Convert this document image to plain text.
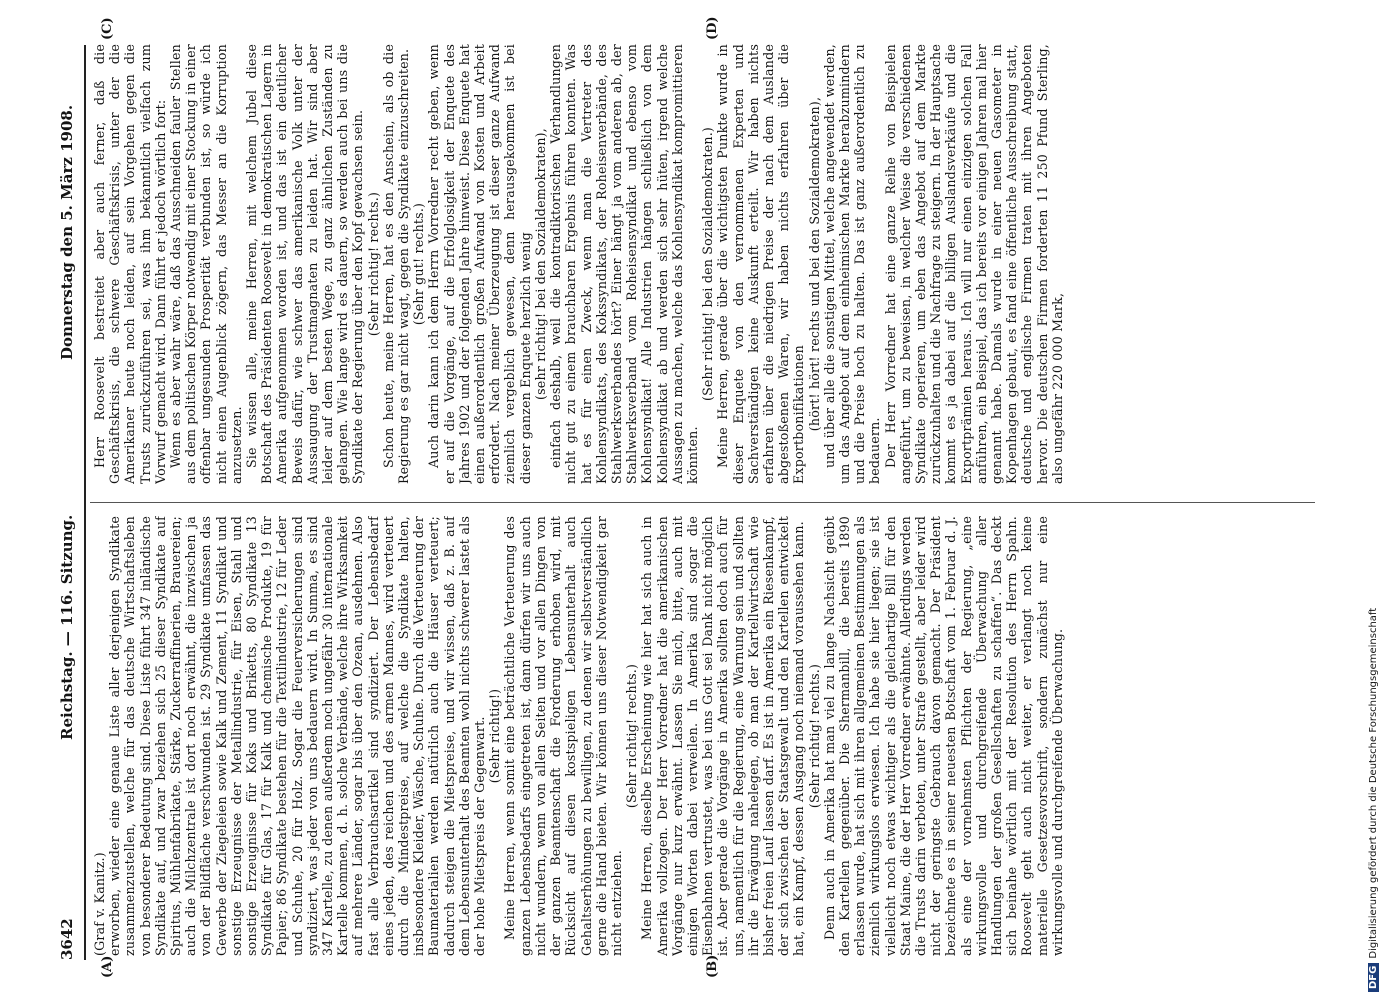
3642
Reichstag. — 116. Sitzung.
Donnerstag den 5. März 1908.
(A)	(B)
(C)	(D)

(Graf v. Kanitz.) erworben, wieder eine genaue Liste aller derjenigen Syndikate zusammenzustellen, welche für das deutsche Wirtschaftsleben von besonderer Bedeutung sind. Diese Liste führt 347 inländische Syndikate auf, und zwar beziehen sich 25 dieser Syndikate auf Spiritus, Mühlenfabrikate, Stärke, Zuckerraffinerien, Brauereien; auch die Milchzentrale ist dort noch erwähnt, die inzwischen ja von der Bildfläche verschwunden ist. 29 Syndikate umfassen das Gewerbe der Ziegeleien sowie Kalk und Zement, 11 Syndikat und sonstige Erzeugnisse der Metallindustrie, für Eisen, Stahl und sonstige Erzeugnisse für Koks und Briketts, 80 Syndikate 13 Syndikate für Glas, 17 für Kalk und chemische Produkte, 19 für Papier; 86 Syndikate bestehen für die Textilindustrie, 12 für Leder und Schuhe, 20 für Holz. Sogar die Feuerversicherungen sind syndiziert, was jeder von uns bedauern wird. In Summa, es sind 347 Kartelle, zu denen außerdem noch ungefähr 30 internationale Kartelle kommen, d. h. solche Verbände, welche ihre Wirksamkeit auf mehrere Länder, sogar bis über den Ozean, ausdehnen. Also fast alle Verbrauchsartikel sind syndiziert. Der Lebensbedarf eines jeden, des reichen und des armen Mannes, wird verteuert durch die Mindestpreise, auf welche die Syndikate halten, insbesondere Kleider, Wäsche, Schuhe. Durch die Verteuerung der Baumaterialien werden natürlich auch die Häuser verteuert; dadurch steigen die Mietspreise, und wir wissen, daß z. B. auf dem Lebensunterhalt des Beamten wohl nichts schwerer lastet als der hohe Mietspreis der Gegenwart. (Sehr richtig!) Meine Herren, wenn somit eine beträchtliche Verteuerung des ganzen Lebensbedarfs eingetreten ist, dann dürfen wir uns auch nicht wundern, wenn von allen Seiten und vor allen Dingen von der ganzen Beamtenschaft die Forderung erhoben wird, mit Rücksicht auf diesen kostspieligen Lebensunterhalt auch Gehaltserhöhungen zu bewilligen, zu denen wir selbstverständlich gerne die Hand bieten. Wir können uns dieser Notwendigkeit gar nicht entziehen.

(Sehr richtig! rechts.) Meine Herren, dieselbe Erscheinung wie hier hat sich auch in Amerika vollzogen. Der Herr Vorredner hat die amerikanischen Vorgänge nur kurz erwähnt. Lassen Sie mich, bitte, auch mit einigen Worten dabei verweilen. In Amerika sind sogar die Eisenbahnen vertrustet, was bei uns Gott sei Dank nicht möglich ist. Aber gerade die Vorgänge in Amerika sollten doch auch für uns, namentlich für die Regierung, eine Warnung sein und sollten ihr die Erwägung nahelegen, ob man der Kartellwirtschaft wie bisher freien Lauf lassen darf. Es ist in Amerika ein Riesenkampf, der sich zwischen der Staatsgewalt und den Kartellen entwickelt hat, ein Kampf, dessen Ausgang noch niemand voraussehen kann. (Sehr richtig! rechts.) Denn auch in Amerika hat man viel zu lange Nachsicht geübt den Kartellen gegenüber. Die Shermanbill, die bereits 1890 erlassen wurde, hat sich mit ihren allgemeinen Bestimmungen als ziemlich wirkungslos erwiesen. Ich habe sie hier liegen; sie ist vielleicht noch etwas wichtiger als die gleichartige Bill für den Staat Maine, die der Herr Vorredner erwähnte. Allerdings werden die Trusts darin verboten, unter Strafe gestellt, aber leider wird nicht der geringste Gebrauch davon gemacht. Der Präsident bezeichnete es in seiner neuesten Botschaft vom 1. Februar d. J. als eine der vornehmsten Pflichten der Regierung, „eine wirkungsvolle und durchgreifende Überwachung aller Handlungen der großen Gesellschaften zu schaffen“. Das deckt sich beinahe wörtlich mit der Resolution des Herrn Spahn. Roosevelt geht auch nicht weiter, er verlangt noch keine materielle Gesetzesvorschrift, sondern zunächst nur eine wirkungsvolle und durchgreifende Überwachung.

Herr Roosevelt bestreitet aber auch ferner, daß die Geschäftskrisis, die schwere Geschäftskrisis, unter der die Amerikaner heute noch leiden, auf sein Vorgehen gegen die Trusts zurückzuführen sei, was ihm bekanntlich vielfach zum Vorwurf gemacht wird. Dann führt er jedoch wörtlich fort: Wenn es aber wahr wäre, daß das Ausschneiden fauler Stellen aus dem politischen Körper notwendig mit einer Stockung in einer offenbar ungesunden Prosperität verbunden ist, so würde ich nicht einen Augenblick zögern, das Messer an die Korruption anzusetzen. Sie wissen alle, meine Herren, mit welchem Jubel diese Botschaft des Präsidenten Roosevelt in demokratischen Lagern in Amerika aufgenommen worden ist, und das ist ein deutlicher Beweis dafür, wie schwer das amerikanische Volk unter der Aussaugung der Trustmagnaten zu leiden hat. Wir sind aber leider auf dem besten Wege, zu ganz ähnlichen Zuständen zu gelangen. Wie lange wird es dauern, so werden auch bei uns die Syndikate der Regierung über den Kopf gewachsen sein. (Sehr richtig! rechts.) Schon heute, meine Herren, hat es den Anschein, als ob die Regierung es gar nicht wagt, gegen die Syndikate einzuschreiten. (Sehr gut! rechts.) Auch darin kann ich dem Herrn Vorredner recht geben, wenn er auf die Vorgänge, auf die Erfolglosigkeit der Enquete des Jahres 1902 und der folgenden Jahre hinweist. Diese Enquete hat einen außerordentlich großen Aufwand von Kosten und Arbeit erfordert. Nach meiner Überzeugung ist dieser ganze Aufwand ziemlich vergeblich gewesen, denn herausgekommen ist bei dieser ganzen Enquete herzlich wenig (sehr richtig! bei den Sozialdemokraten), einfach deshalb, weil die kontradiktorischen Verhandlungen nicht gut zu einem brauchbaren Ergebnis führen konnten. Was hat es für einen Zweck, wenn man die Vertreter des Kohlensyndikats, des Kokssyndikats, der Roheisenverbände, des Stahlwerksverbandes hört? Einer hängt ja vom anderen ab, der Stahlwerksverband vom Roheisensyndikat und ebenso vom Kohlensyndikat! Alle Industrien hängen schließlich von dem Kohlensyndikat ab und werden sich sehr hüten, irgend welche Aussagen zu machen, welche das Kohlensyndikat kompromittieren könnten.

(Sehr richtig! bei den Sozialdemokraten.) Meine Herren, gerade über die wichtigsten Punkte wurde in dieser Enquete von den vernommenen Experten und Sachverständigen keine Auskunft erteilt. Wir haben nichts erfahren über die niedrigen Preise der nach dem Auslande abgestoßenen Waren, wir haben nichts erfahren über die Exportbonifikationen (hört! hört! rechts und bei den Sozialdemokraten), und über alle die sonstigen Mittel, welche angewendet werden, um das Angebot auf dem einheimischen Markte herabzumindern und die Preise hoch zu halten. Das ist ganz außerordentlich zu bedauern. Der Herr Vorredner hat eine ganze Reihe von Beispielen angeführt, um zu beweisen, in welcher Weise die verschiedenen Syndikate operieren, um eben das Angebot auf dem Markte zurückzuhalten und die Nachfrage zu steigern. In der Hauptsache kommt es ja dabei auf die billigen Auslandsverkäufe und die Exportprämien heraus. Ich will nur einen einzigen solchen Fall anführen, ein Beispiel, das ich bereits vor einigen Jahren mal hier genannt habe. Damals wurde in einer neuen Gasometer in Kopenhagen gebaut, es fand eine öffentliche Ausschreibung statt, deutsche und englische Firmen traten mit ihren Angeboten hervor. Die deutschen Firmen forderten 11 250 Pfund Sterling, also ungefähr 220 000 Mark,

DFGDigitalisierung gefördert durch die Deutsche Forschungsgemeinschaft
